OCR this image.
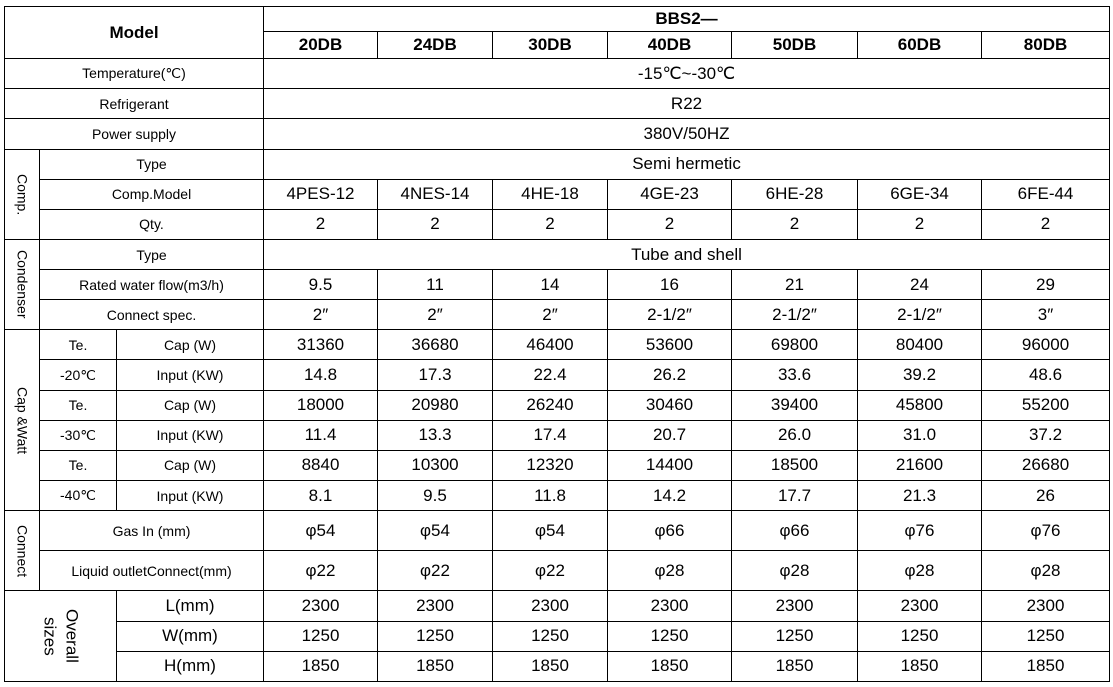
Model			BBS2—						
			20DB	24DB	30DB	40DB	50DB	60DB	80DB
Temperature(℃)			-15℃~-30℃						
Refrigerant			R22						
Power supply			380V/50HZ						

Comp.	Type		Semi hermetic						
	Comp.Model		4PES-12	4NES-14	4HE-18	4GE-23	6HE-28	6GE-34	6FE-44
	Qty.		2	2	2	2	2	2	2

Condenser	Type		Tube and shell						
	Rated water flow(m3/h)		9.5	11	14	16	21	24	29
	Connect spec.		2″	2″	2″	2-1/2″	2-1/2″	2-1/2″	3″

Cap &Watt	Te.	Cap (W)	31360	36680	46400	53600	69800	80400	96000
	-20℃	Input (KW)	14.8	17.3	22.4	26.2	33.6	39.2	48.6
	Te.	Cap (W)	18000	20980	26240	30460	39400	45800	55200
	-30℃	Input (KW)	11.4	13.3	17.4	20.7	26.0	31.0	37.2
	Te.	Cap (W)	8840	10300	12320	14400	18500	21600	26680
	-40℃	Input (KW)	8.1	9.5	11.8	14.2	17.7	21.3	26

Connect	Gas In (mm)		φ54	φ54	φ54	φ66	φ66	φ76	φ76
	Liquid outletConnect(mm)		φ22	φ22	φ22	φ28	φ28	φ28	φ28

sizes Overall		L(mm)	2300	2300	2300	2300	2300	2300	2300
		W(mm)	1250	1250	1250	1250	1250	1250	1250
		H(mm)	1850	1850	1850	1850	1850	1850	1850
